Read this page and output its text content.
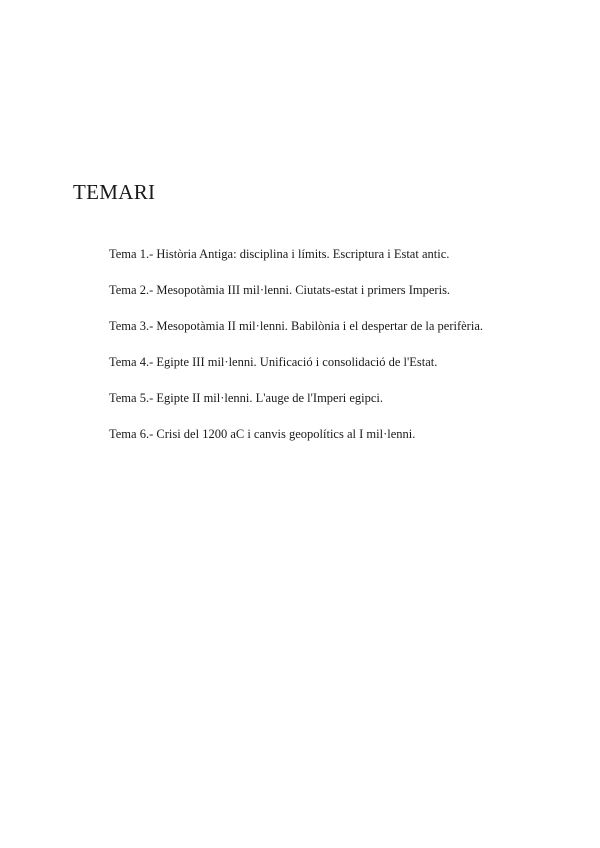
TEMARI
Tema 1.- Història Antiga: disciplina i límits. Escriptura i Estat antic.
Tema 2.- Mesopotàmia III mil·lenni. Ciutats-estat i primers Imperis.
Tema 3.- Mesopotàmia II mil·lenni. Babilònia i el despertar de la perifèria.
Tema 4.- Egipte III mil·lenni. Unificació i consolidació de l'Estat.
Tema 5.- Egipte II mil·lenni. L'auge de l'Imperi egipci.
Tema 6.- Crisi del 1200 aC i canvis geopolítics al I mil·lenni.
